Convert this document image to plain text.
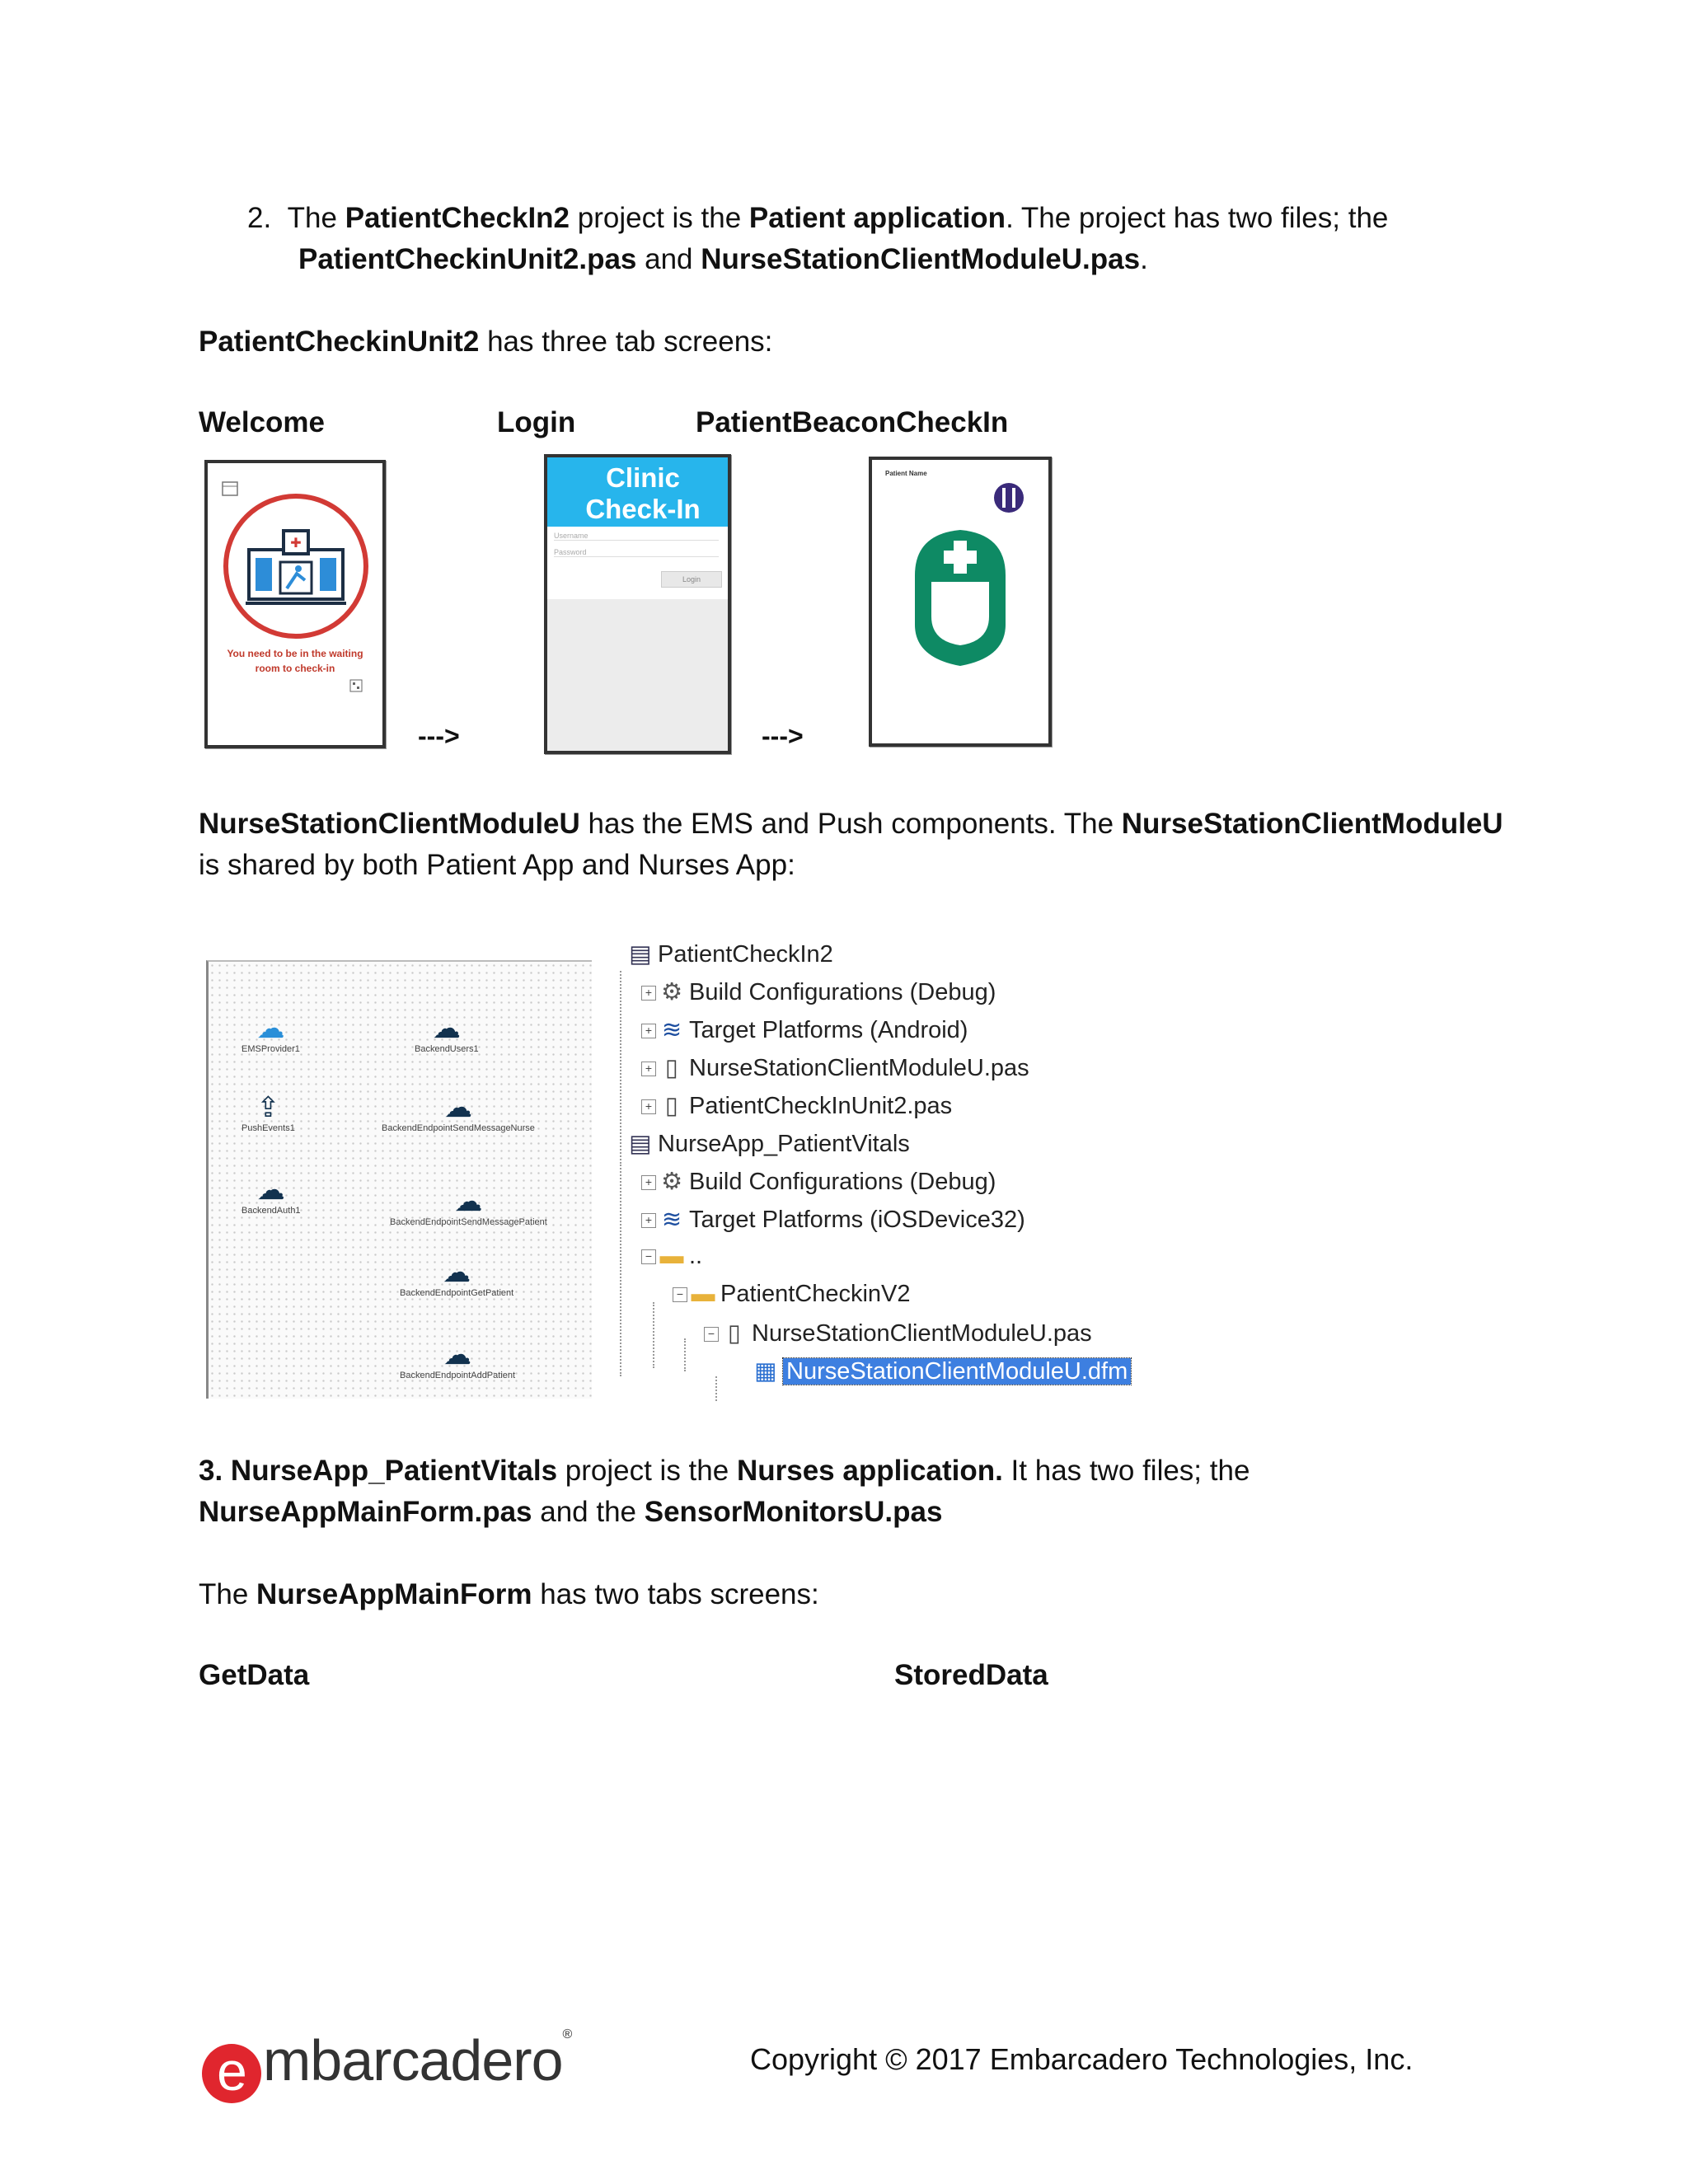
2. The PatientCheckIn2 project is the Patient application. The project has two files; the
PatientCheckinUnit2.pas and NurseStationClientModuleU.pas.
PatientCheckinUnit2 has three tab screens:
Welcome	Login	PatientBeaconCheckIn
✚
You need to be in the waiting room to check-in
--->
Clinic Check-In
Username
Password
Login
--->
Patient Name
NurseStationClientModuleU has the EMS and Push components. The NurseStationClientModuleU
is shared by both Patient App and Nurses App:
☁
EMSProvider1
☁
BackendUsers1
⇪
PushEvents1
☁
BackendEndpointSendMessageNurse
☁
BackendAuth1	☁
BackendEndpointSendMessagePatient
☁
BackendEndpointGetPatient
☁
BackendEndpointAddPatient
▤ PatientCheckIn2
+ ⚙ Build Configurations (Debug)
+ ≋ Target Platforms (Android)
+ ▯ NurseStationClientModuleU.pas
+ ▯ PatientCheckInUnit2.pas
▤ NurseApp_PatientVitals
+ ⚙ Build Configurations (Debug)
+ ≋ Target Platforms (iOSDevice32)
− ▬ ..
− ▬ PatientCheckinV2
− ▯ NurseStationClientModuleU.pas
▦ NurseStationClientModuleU.dfm
3. NurseApp_PatientVitals project is the Nurses application. It has two files; the
NurseAppMainForm.pas and the SensorMonitorsU.pas
The NurseAppMainForm has two tabs screens:
GetData	StoredData
e mbarcadero®
Copyright © 2017 Embarcadero Technologies, Inc.
